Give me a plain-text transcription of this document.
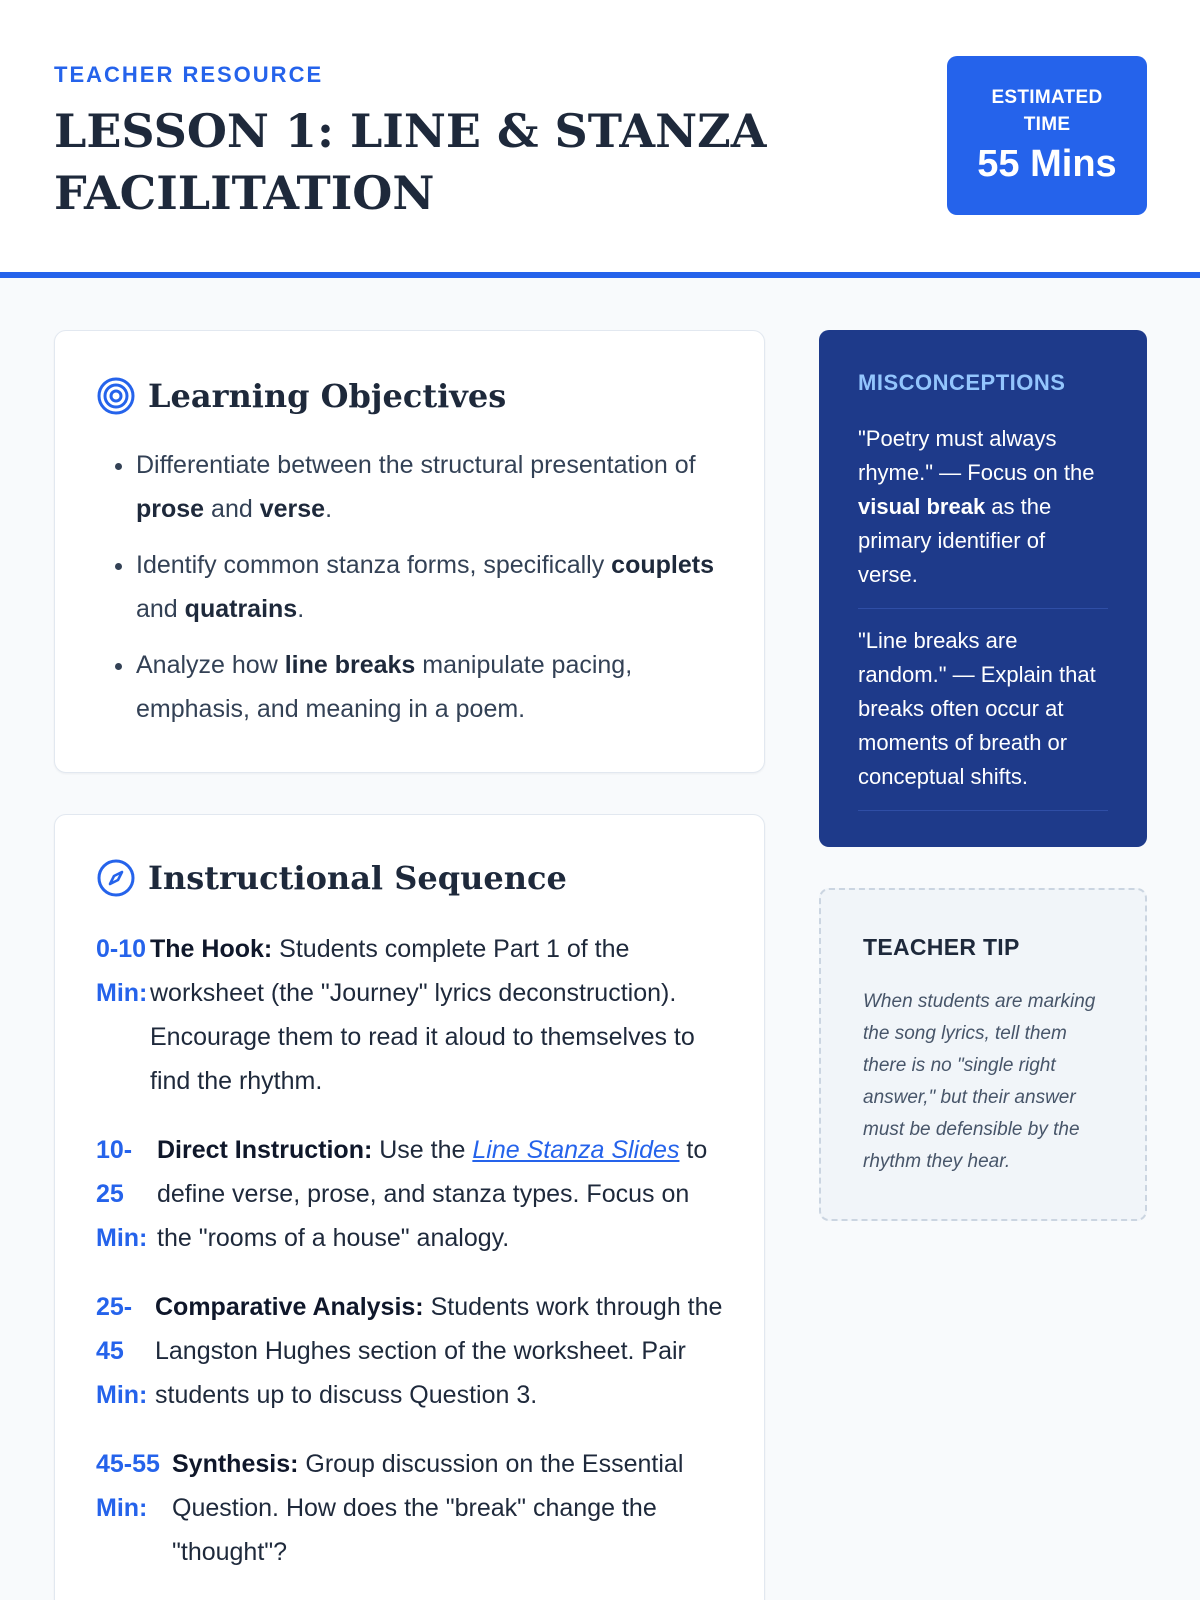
TEACHER RESOURCE
LESSON 1: LINE & STANZA FACILITATION
ESTIMATED TIME
55 Mins
Learning Objectives
• Differentiate between the structural presentation of prose and verse.
• Identify common stanza forms, specifically couplets and quatrains.
• Analyze how line breaks manipulate pacing, emphasis, and meaning in a poem.
Instructional Sequence
0-10 Min:
The Hook: Students complete Part 1 of the worksheet (the "Journey" lyrics deconstruction). Encourage them to read it aloud to themselves to find the rhythm.
10-25 Min:
Direct Instruction: Use the Line Stanza Slides to define verse, prose, and stanza types. Focus on the "rooms of a house" analogy.
25-45 Min:
Comparative Analysis: Students work through the Langston Hughes section of the worksheet. Pair students up to discuss Question 3.
45-55 Min:
Synthesis: Group discussion on the Essential Question. How does the "break" change the "thought"?
MISCONCEPTIONS

"Poetry must always rhyme." — Focus on the visual break as the primary identifier of verse.

"Line breaks are random." — Explain that breaks often occur at moments of breath or conceptual shifts.

TEACHER TIP

When students are marking the song lyrics, tell them there is no "single right answer," but their answer must be defensible by the rhythm they hear.
